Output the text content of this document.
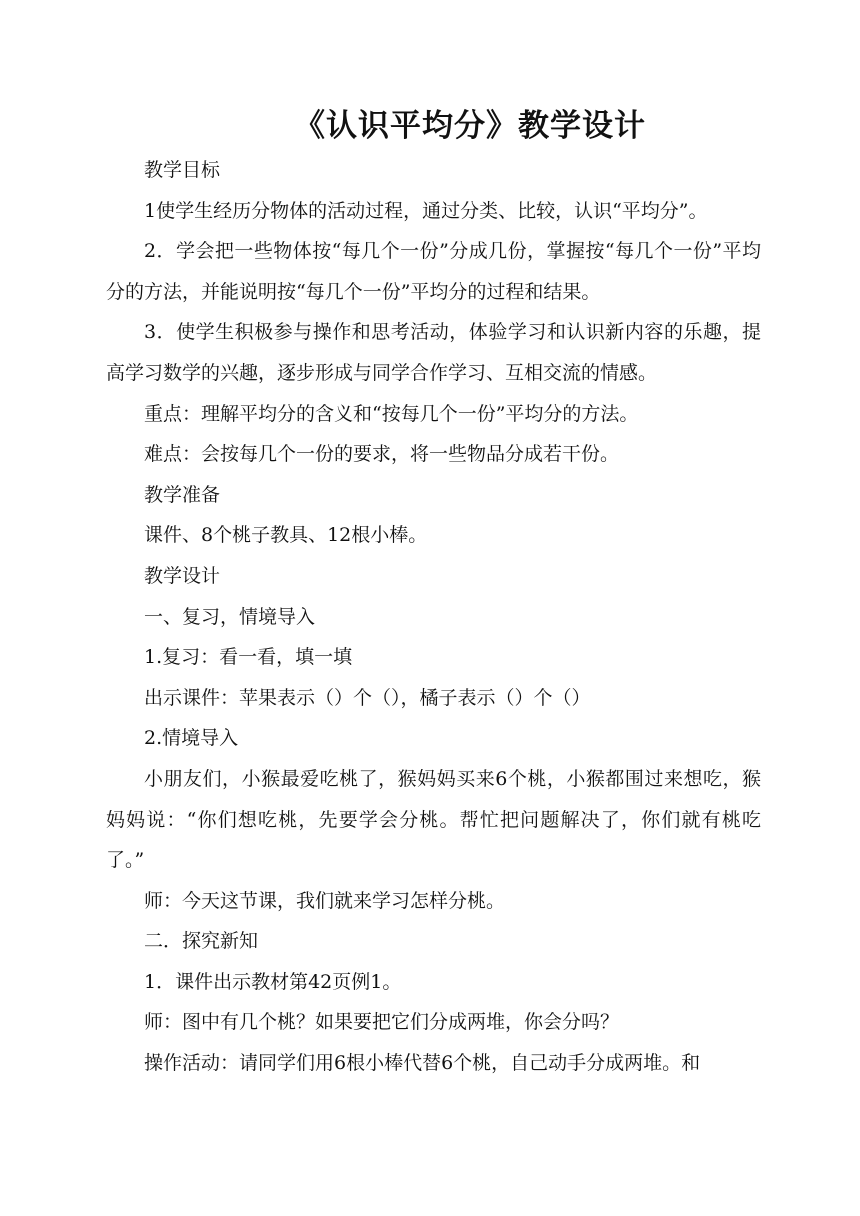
《认识平均分》教学设计

教学目标

1使学生经历分物体的活动过程，通过分类、比较，认识“平均分”。

2．学会把一些物体按“每几个一份”分成几份，掌握按“每几个一份”平均分的方法，并能说明按“每几个一份”平均分的过程和结果。

3．使学生积极参与操作和思考活动，体验学习和认识新内容的乐趣，提高学习数学的兴趣，逐步形成与同学合作学习、互相交流的情感。

重点：理解平均分的含义和“按每几个一份”平均分的方法。

难点：会按每几个一份的要求，将一些物品分成若干份。

教学准备

课件、8个桃子教具、12根小棒。

教学设计

一、复习，情境导入

1.复习：看一看，填一填

出示课件：苹果表示（）个（），橘子表示（）个（）

2.情境导入

小朋友们，小猴最爱吃桃了，猴妈妈买来6个桃，小猴都围过来想吃，猴妈妈说：“你们想吃桃，先要学会分桃。帮忙把问题解决了，你们就有桃吃了。”

师：今天这节课，我们就来学习怎样分桃。

二．探究新知

1．课件出示教材第42页例1。

师：图中有几个桃？如果要把它们分成两堆，你会分吗？

操作活动：请同学们用6根小棒代替6个桃，自己动手分成两堆。和
